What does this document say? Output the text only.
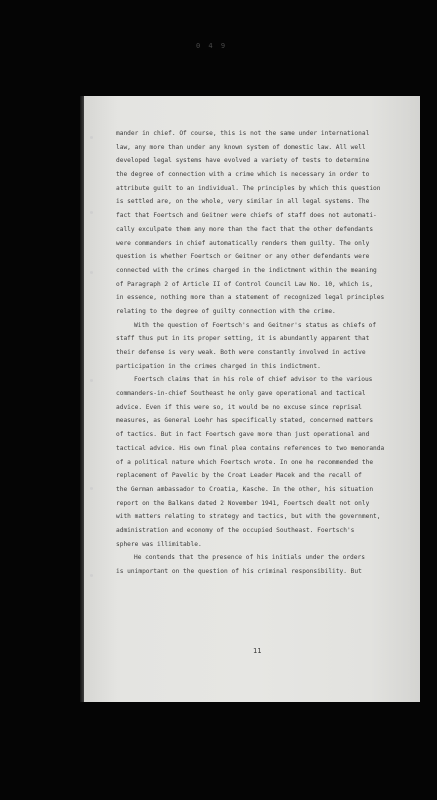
0 4 9
mander in chief. Of course, this is not the same under international
law, any more than under any known system of domestic law. All well
developed legal systems have evolved a variety of tests to determine
the degree of connection with a crime which is necessary in order to
attribute guilt to an individual. The principles by which this question
is settled are, on the whole, very similar in all legal systems. The
fact that Foertsch and Geitner were chiefs of staff does not automati-
cally exculpate them any more than the fact that the other defendants
were commanders in chief automatically renders them guilty. The only
question is whether Foertsch or Geitner or any other defendants were
connected with the crimes charged in the indictment within the meaning
of Paragraph 2 of Article II of Control Council Law No. 10, which is,
in essence, nothing more than a statement of recognized legal principles
relating to the degree of guilty connection with the crime.
With the question of Foertsch's and Geitner's status as chiefs of
staff thus put in its proper setting, it is abundantly apparent that
their defense is very weak. Both were constantly involved in active
participation in the crimes charged in this indictment.
Foertsch claims that in his role of chief advisor to the various
commanders-in-chief Southeast he only gave operational and tactical
advice. Even if this were so, it would be no excuse since reprisal
measures, as General Loehr has specifically stated, concerned matters
of tactics. But in fact Foertsch gave more than just operational and
tactical advice. His own final plea contains references to two memoranda
of a political nature which Foertsch wrote. In one he recommended the
replacement of Pavelic by the Croat Leader Macek and the recall of
the German ambassador to Croatia, Kasche. In the other, his situation
report on the Balkans dated 2 November 1941, Foertsch dealt not only
with matters relating to strategy and tactics, but with the government,
administration and economy of the occupied Southeast. Foertsch's
sphere was illimitable.
He contends that the presence of his initials under the orders
is unimportant on the question of his criminal responsibility. But
11
